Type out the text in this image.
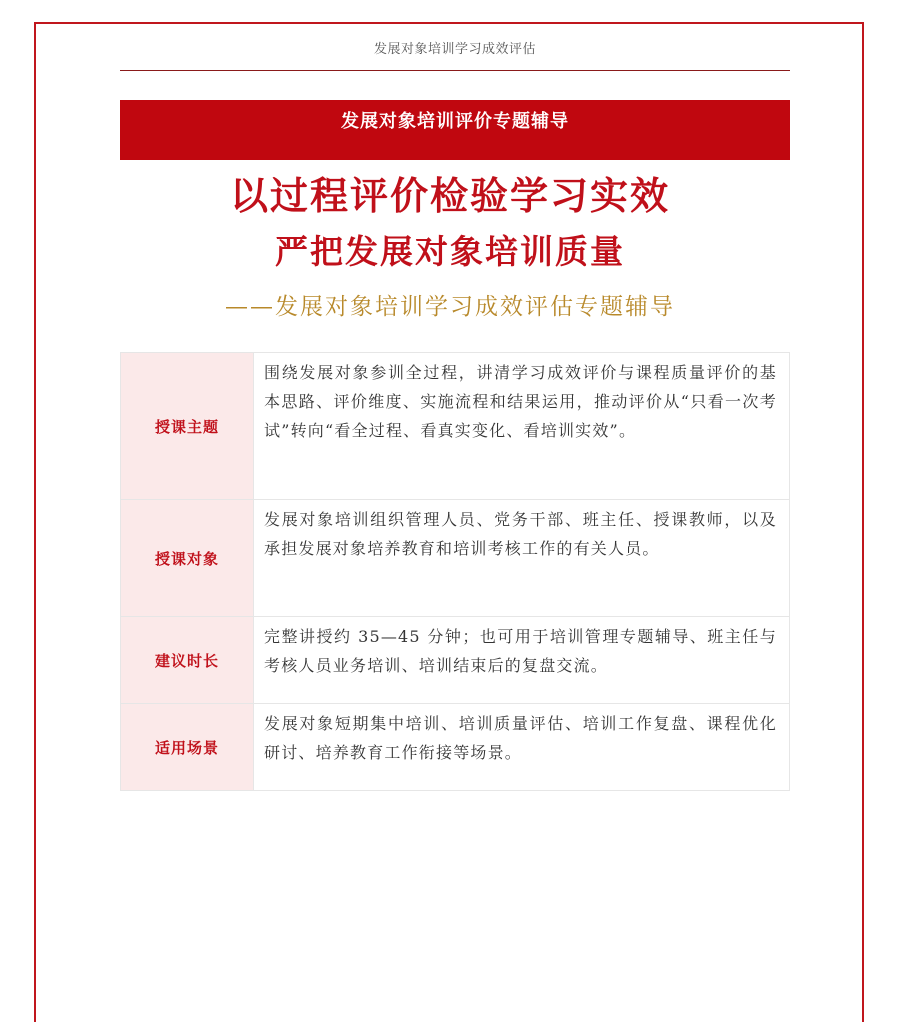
发展对象培训学习成效评估
发展对象培训评价专题辅导
以过程评价检验学习实效
严把发展对象培训质量
——发展对象培训学习成效评估专题辅导
授课主题	围绕发展对象参训全过程，讲清学习成效评价与课程质量评价的基本思路、评价维度、实施流程和结果运用，推动评价从“只看一次考试”转向“看全过程、看真实变化、看培训实效”。
授课对象	发展对象培训组织管理人员、党务干部、班主任、授课教师，以及承担发展对象培养教育和培训考核工作的有关人员。
建议时长	完整讲授约 35—45 分钟；也可用于培训管理专题辅导、班主任与考核人员业务培训、培训结束后的复盘交流。
适用场景	发展对象短期集中培训、培训质量评估、培训工作复盘、课程优化研讨、培养教育工作衔接等场景。
